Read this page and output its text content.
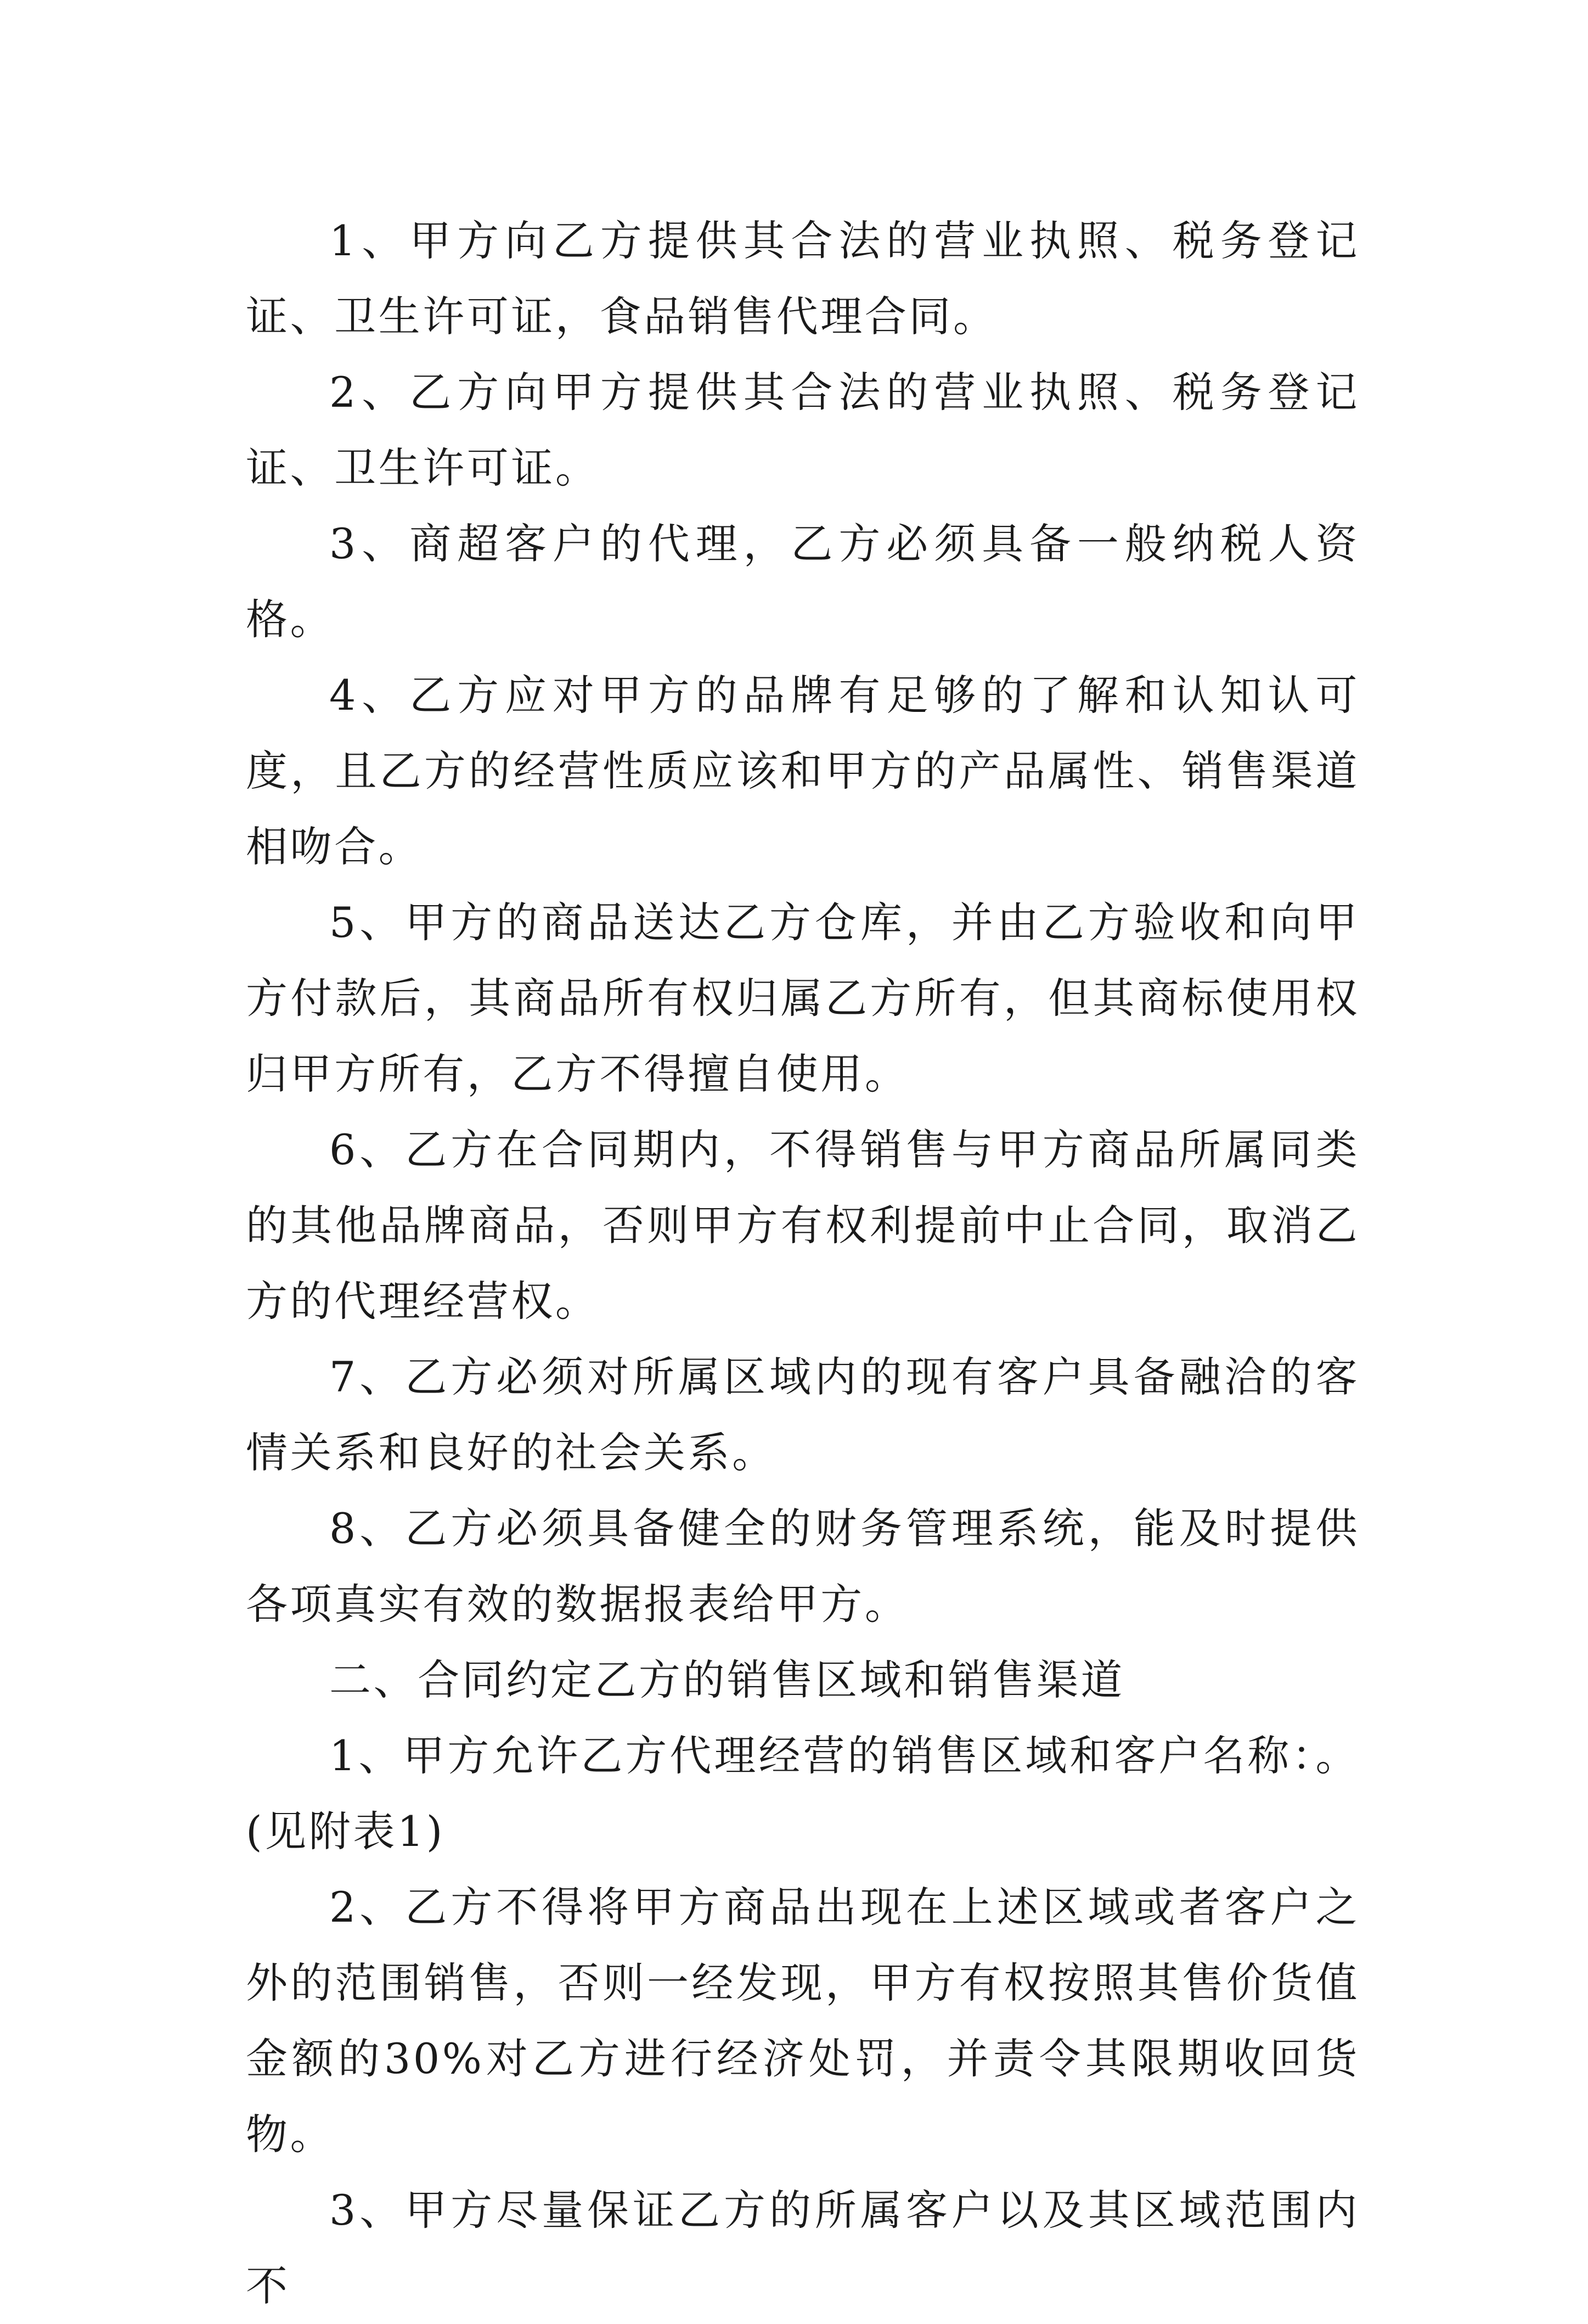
1、甲方向乙方提供其合法的营业执照、税务登记证、卫生许可证，食品销售代理合同。

2、乙方向甲方提供其合法的营业执照、税务登记证、卫生许可证。

3、商超客户的代理，乙方必须具备一般纳税人资格。

4、乙方应对甲方的品牌有足够的了解和认知认可度，且乙方的经营性质应该和甲方的产品属性、销售渠道相吻合。

5、甲方的商品送达乙方仓库，并由乙方验收和向甲方付款后，其商品所有权归属乙方所有，但其商标使用权归甲方所有，乙方不得擅自使用。

6、乙方在合同期内，不得销售与甲方商品所属同类的其他品牌商品，否则甲方有权利提前中止合同，取消乙方的代理经营权。

7、乙方必须对所属区域内的现有客户具备融洽的客情关系和良好的社会关系。

8、乙方必须具备健全的财务管理系统，能及时提供各项真实有效的数据报表给甲方。

二、合同约定乙方的销售区域和销售渠道

1、甲方允许乙方代理经营的销售区域和客户名称：。(见附表1)

2、乙方不得将甲方商品出现在上述区域或者客户之外的范围销售，否则一经发现，甲方有权按照其售价货值金额的30%对乙方进行经济处罚，并责令其限期收回货物。

3、甲方尽量保证乙方的所属客户以及其区域范围内不
